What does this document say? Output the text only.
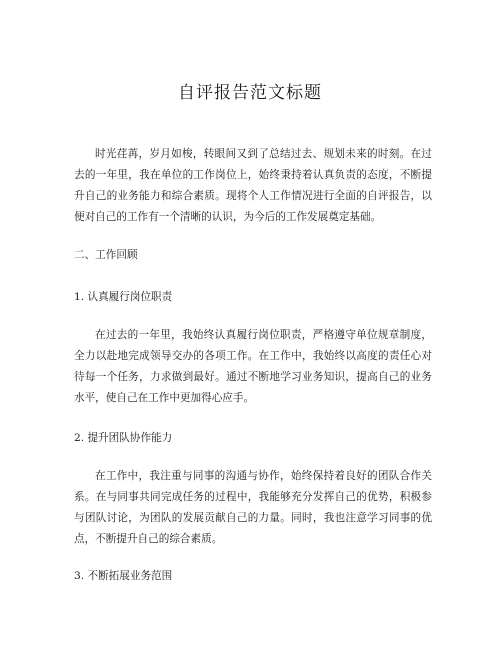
自评报告范文标题
时光荏苒，岁月如梭，转眼间又到了总结过去、规划未来的时刻。在过去的一年里，我在单位的工作岗位上，始终秉持着认真负责的态度，不断提升自己的业务能力和综合素质。现将个人工作情况进行全面的自评报告，以便对自己的工作有一个清晰的认识，为今后的工作发展奠定基础。
二、工作回顾
1. 认真履行岗位职责
在过去的一年里，我始终认真履行岗位职责，严格遵守单位规章制度，全力以赴地完成领导交办的各项工作。在工作中，我始终以高度的责任心对待每一个任务，力求做到最好。通过不断地学习业务知识，提高自己的业务水平，使自己在工作中更加得心应手。
2. 提升团队协作能力
在工作中，我注重与同事的沟通与协作，始终保持着良好的团队合作关系。在与同事共同完成任务的过程中，我能够充分发挥自己的优势，积极参与团队讨论，为团队的发展贡献自己的力量。同时，我也注意学习同事的优点，不断提升自己的综合素质。
3. 不断拓展业务范围
